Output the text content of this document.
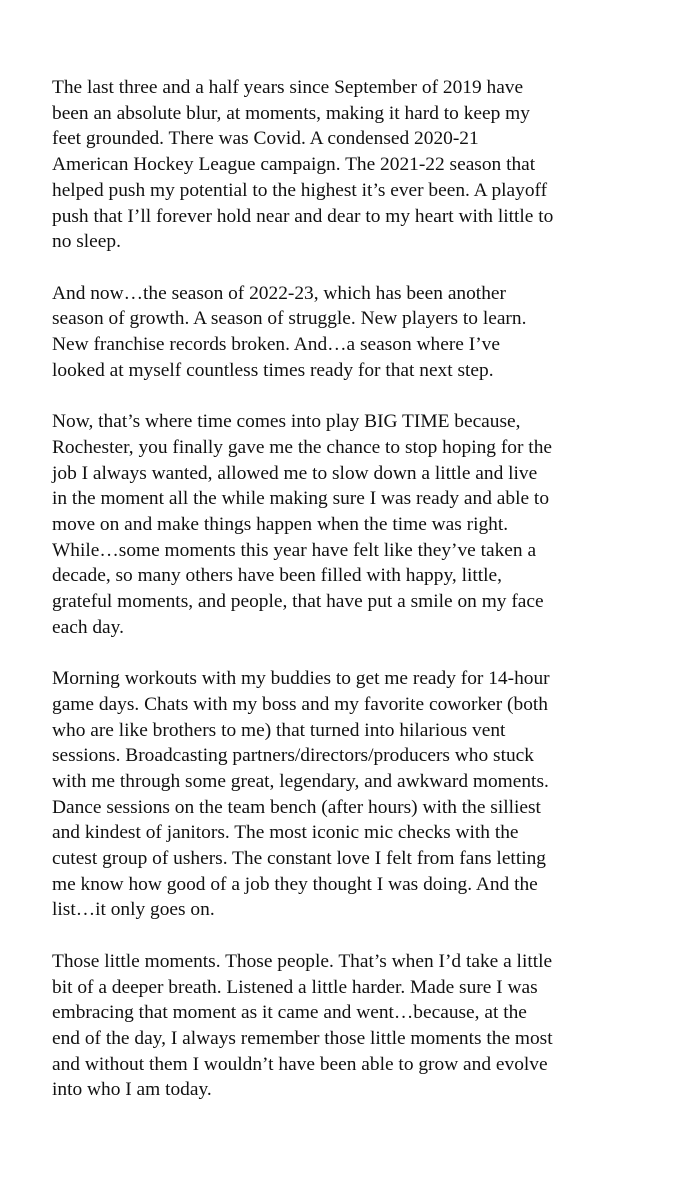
The last three and a half years since September of 2019 have
been an absolute blur, at moments, making it hard to keep my
feet grounded. There was Covid. A condensed 2020-21
American Hockey League campaign. The 2021-22 season that
helped push my potential to the highest it’s ever been. A playoff
push that I’ll forever hold near and dear to my heart with little to
no sleep.

And now…the season of 2022-23, which has been another
season of growth. A season of struggle. New players to learn.
New franchise records broken. And…a season where I’ve
looked at myself countless times ready for that next step.

Now, that’s where time comes into play BIG TIME because,
Rochester, you finally gave me the chance to stop hoping for the
job I always wanted, allowed me to slow down a little and live
in the moment all the while making sure I was ready and able to
move on and make things happen when the time was right.
While…some moments this year have felt like they’ve taken a
decade, so many others have been filled with happy, little,
grateful moments, and people, that have put a smile on my face
each day.

Morning workouts with my buddies to get me ready for 14-hour
game days. Chats with my boss and my favorite coworker (both
who are like brothers to me) that turned into hilarious vent
sessions. Broadcasting partners/directors/producers who stuck
with me through some great, legendary, and awkward moments.
Dance sessions on the team bench (after hours) with the silliest
and kindest of janitors. The most iconic mic checks with the
cutest group of ushers. The constant love I felt from fans letting
me know how good of a job they thought I was doing. And the
list…it only goes on.

Those little moments. Those people. That’s when I’d take a little
bit of a deeper breath. Listened a little harder. Made sure I was
embracing that moment as it came and went…because, at the
end of the day, I always remember those little moments the most
and without them I wouldn’t have been able to grow and evolve
into who I am today.
